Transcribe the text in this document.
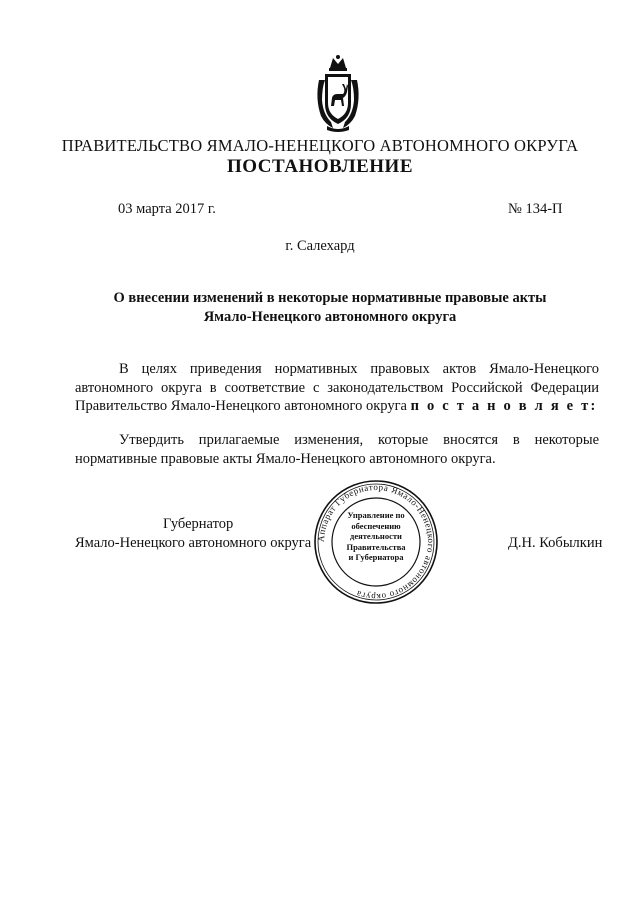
ПРАВИТЕЛЬСТВО ЯМАЛО-НЕНЕЦКОГО АВТОНОМНОГО ОКРУГА
ПОСТАНОВЛЕНИЕ
03 марта 2017 г.	№ 134-П
г. Салехард
О внесении изменений в некоторые нормативные правовые акты
Ямало-Ненецкого автономного округа
В целях приведения нормативных правовых актов Ямало-Ненецкого автономного округа в соответствие с законодательством Российской Федерации Правительство Ямало-Ненецкого автономного округа п о с т а н о в л я е т:
Утвердить прилагаемые изменения, которые вносятся в некоторые нормативные правовые акты Ямало-Ненецкого автономного округа.
Губернатор
Ямало-Ненецкого автономного округа	Д.Н. Кобылкин
Аппарат Губернатора Ямало-Ненецкого автономного округа
Управление по
обеспечению
деятельности
Правительства
и Губернатора
